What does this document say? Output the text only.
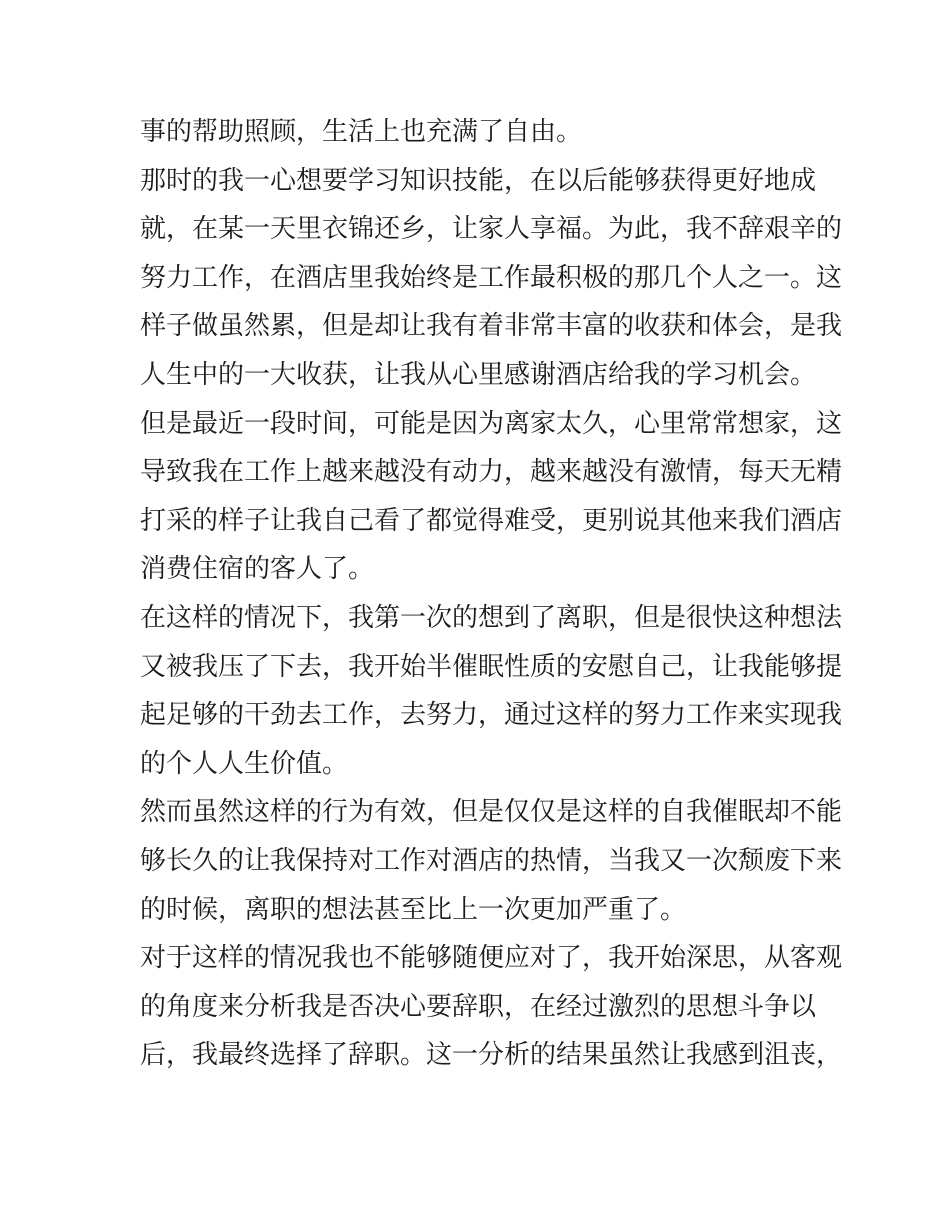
事的帮助照顾，生活上也充满了自由。
那时的我一心想要学习知识技能，在以后能够获得更好地成
就，在某一天里衣锦还乡，让家人享福。为此，我不辞艰辛的
努力工作，在酒店里我始终是工作最积极的那几个人之一。这
样子做虽然累，但是却让我有着非常丰富的收获和体会，是我
人生中的一大收获，让我从心里感谢酒店给我的学习机会。
但是最近一段时间，可能是因为离家太久，心里常常想家，这
导致我在工作上越来越没有动力，越来越没有激情，每天无精
打采的样子让我自己看了都觉得难受，更别说其他来我们酒店
消费住宿的客人了。
在这样的情况下，我第一次的想到了离职，但是很快这种想法
又被我压了下去，我开始半催眠性质的安慰自己，让我能够提
起足够的干劲去工作，去努力，通过这样的努力工作来实现我
的个人人生价值。
然而虽然这样的行为有效，但是仅仅是这样的自我催眠却不能
够长久的让我保持对工作对酒店的热情，当我又一次颓废下来
的时候，离职的想法甚至比上一次更加严重了。
对于这样的情况我也不能够随便应对了，我开始深思，从客观
的角度来分析我是否决心要辞职，在经过激烈的思想斗争以
后，我最终选择了辞职。这一分析的结果虽然让我感到沮丧，
